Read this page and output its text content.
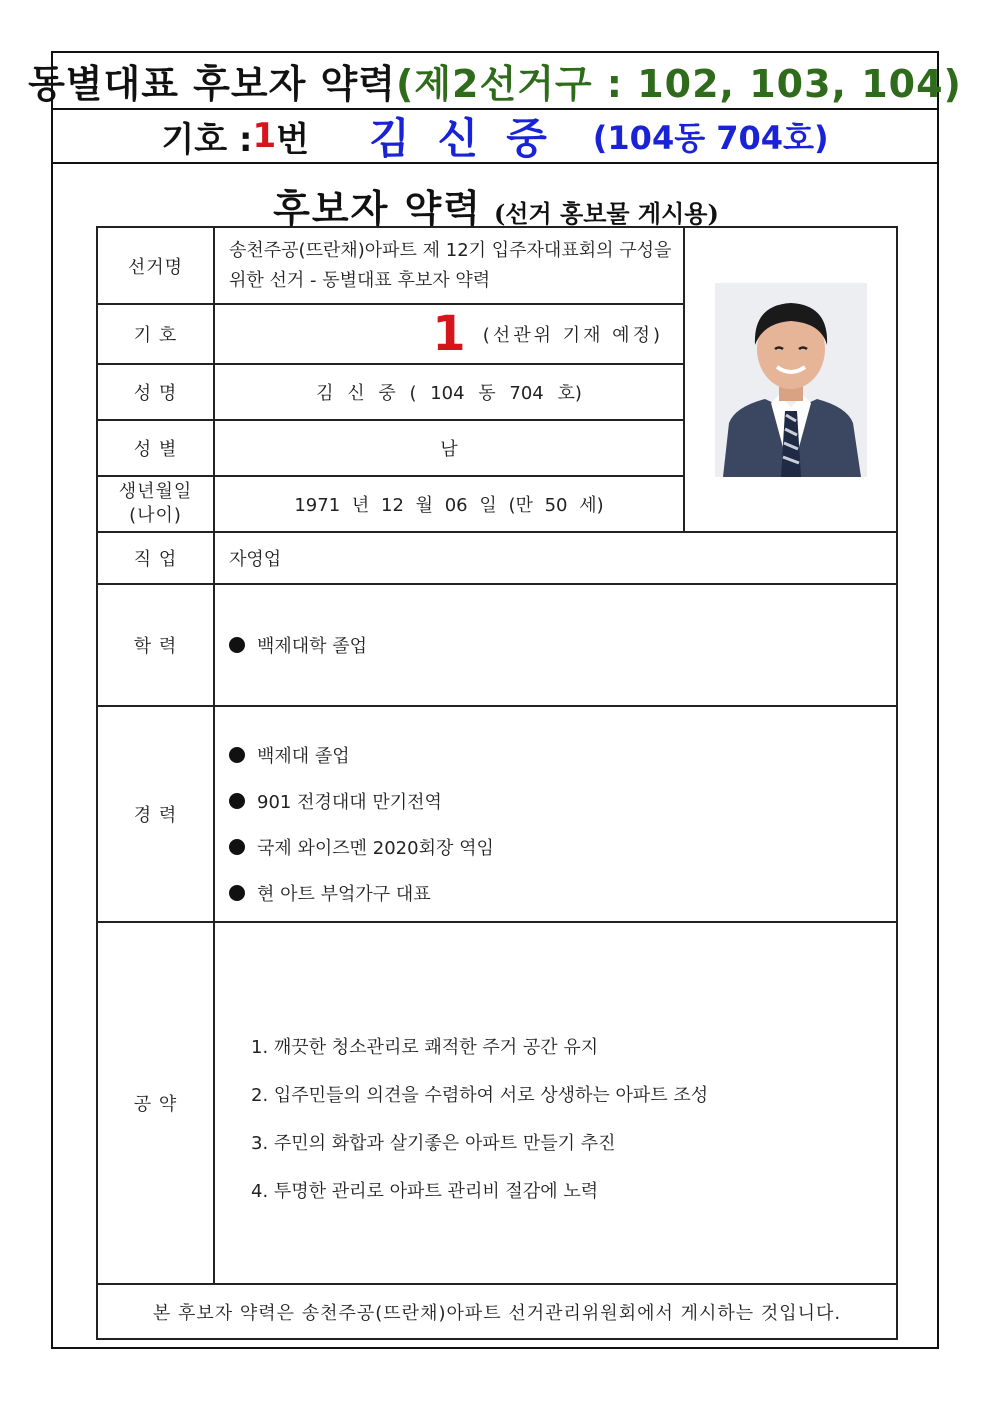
동별대표 후보자 약력 (제2선거구 : 102, 103, 104)
기호 : 1 번 김신중 (104동 704호)
후보자 약력 (선거 홍보물 게시용)
선거명	송천주공(뜨란채)아파트 제 12기 입주자대표회의 구성을 위한 선거 - 동별대표 후보자 약력	

기 호	1 (선관위 기재 예정)	

성 명	김 신 중 ( 104 동 704 호)	
성 별	남	

생년월일
(나이)	1971 년 12 월 06 일 (만 50 세)	
직 업	자영업	
학 력	백제대학 졸업	

경 력	백제대 졸업
901 전경대대 만기전역
국제 와이즈멘 2020회장 역임
현 아트 부엌가구 대표	

공 약	1. 깨끗한 청소관리로 쾌적한 주거 공간 유지
2. 입주민들의 의견을 수렴하여 서로 상생하는 아파트 조성
3. 주민의 화합과 살기좋은 아파트 만들기 추진
4. 투명한 관리로 아파트 관리비 절감에 노력	

본 후보자 약력은 송천주공(뜨란채)아파트 선거관리위원회에서 게시하는 것입니다.		
